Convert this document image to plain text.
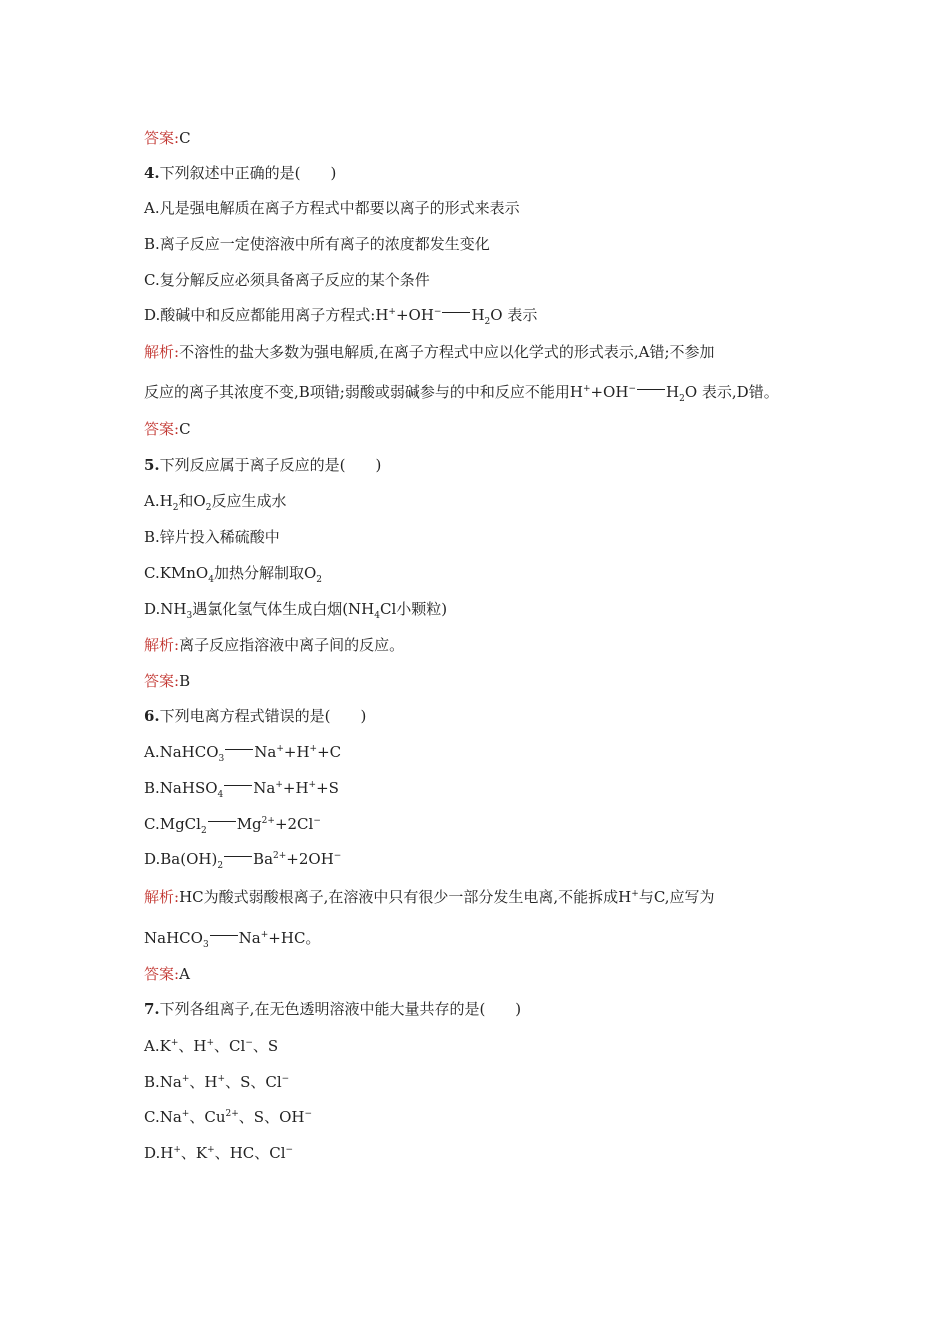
答案:C
4.下列叙述中正确的是(　　)
A.凡是强电解质在离子方程式中都要以离子的形式来表示
B.离子反应一定使溶液中所有离子的浓度都发生变化
C.复分解反应必须具备离子反应的某个条件
D.酸碱中和反应都能用离子方程式:H++OH− $H_2O$ 表示
解析:不溶性的盐大多数为强电解质,在离子方程式中应以化学式的形式表示,A错;不参加
反应的离子其浓度不变,B项错;弱酸或弱碱参与的中和反应不能用H++OH− $H_2O$ 表示,D错。
答案:C
5.下列反应属于离子反应的是(　　)
$A.H_2$和$O_2$反应生成水
B.锌片投入稀硫酸中
C.KMnO$_4$加热分解制取$O_2$
$D.NH_3$遇氯化氢气体生成白烟($NH_4Cl$小颗粒)
解析:离子反应指溶液中离子间的反应。
答案:B
6.下列电离方程式错误的是(　　)
A.NaHCO$_3$ Na++H++C
B.NaHSO$_4$ Na++H++S
C.MgCl$_2$ $Mg^{2+}+2Cl^-$
$D.Ba(OH)_2$ $Ba^{2+}+2OH^-$
解析:HC为酸式弱酸根离子,在溶液中只有很少一部分发生电离,不能拆成H+与C,应写为
NaHCO$_3$ Na++HC。
答案:A
7.下列各组离子,在无色透明溶液中能大量共存的是(　　)
A.K+、H+、Cl−、S
B.Na+、H+、S、Cl−
C.Na+、$Cu^{2+}$、S、OH−
D.H+、K+、HC、Cl−
